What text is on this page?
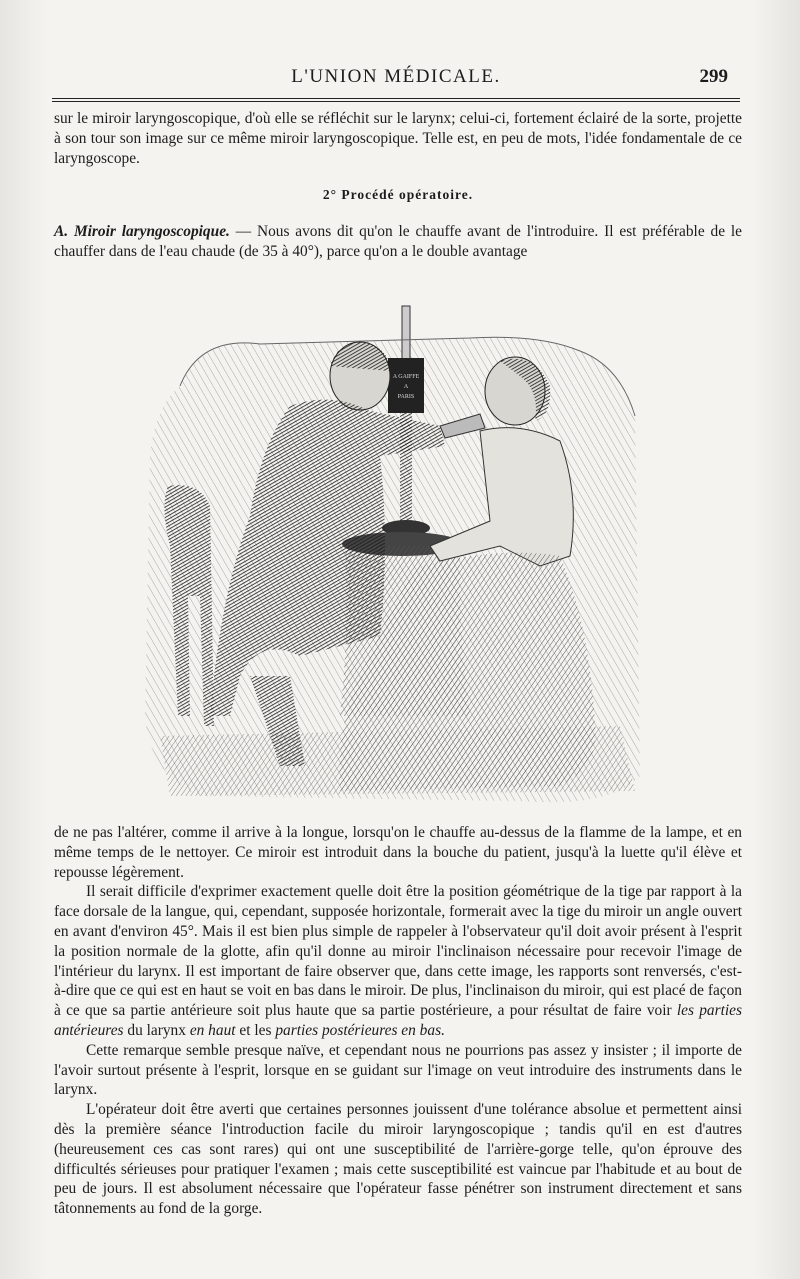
L'UNION MÉDICALE.	299

sur le miroir laryngoscopique, d'où elle se réfléchit sur le larynx; celui-ci, fortement éclairé de la sorte, projette à son tour son image sur ce même miroir laryngoscopique. Telle est, en peu de mots, l'idée fondamentale de ce laryngoscope.

2° Procédé opératoire.

A. Miroir laryngoscopique. — Nous avons dit qu'on le chauffe avant de l'introduire. Il est préférable de le chauffer dans de l'eau chaude (de 35 à 40°), parce qu'on a le double avantage

A GAIFFE
A
PARIS

de ne pas l'altérer, comme il arrive à la longue, lorsqu'on le chauffe au-dessus de la flamme de la lampe, et en même temps de le nettoyer. Ce miroir est introduit dans la bouche du patient, jusqu'à la luette qu'il élève et repousse légèrement.

Il serait difficile d'exprimer exactement quelle doit être la position géométrique de la tige par rapport à la face dorsale de la langue, qui, cependant, supposée horizontale, formerait avec la tige du miroir un angle ouvert en avant d'environ 45°. Mais il est bien plus simple de rappeler à l'observateur qu'il doit avoir présent à l'esprit la position normale de la glotte, afin qu'il donne au miroir l'inclinaison nécessaire pour recevoir l'image de l'intérieur du larynx. Il est important de faire observer que, dans cette image, les rapports sont renversés, c'est-à-dire que ce qui est en haut se voit en bas dans le miroir. De plus, l'inclinaison du miroir, qui est placé de façon à ce que sa partie antérieure soit plus haute que sa partie postérieure, a pour résultat de faire voir les parties antérieures du larynx en haut et les parties postérieures en bas.

Cette remarque semble presque naïve, et cependant nous ne pourrions pas assez y insister ; il importe de l'avoir surtout présente à l'esprit, lorsque en se guidant sur l'image on veut introduire des instruments dans le larynx.

L'opérateur doit être averti que certaines personnes jouissent d'une tolérance absolue et permettent ainsi dès la première séance l'introduction facile du miroir laryngoscopique ; tandis qu'il en est d'autres (heureusement ces cas sont rares) qui ont une susceptibilité de l'arrière-gorge telle, qu'on éprouve des difficultés sérieuses pour pratiquer l'examen ; mais cette susceptibilité est vaincue par l'habitude et au bout de peu de jours. Il est absolument nécessaire que l'opérateur fasse pénétrer son instrument directement et sans tâtonnements au fond de la gorge.
